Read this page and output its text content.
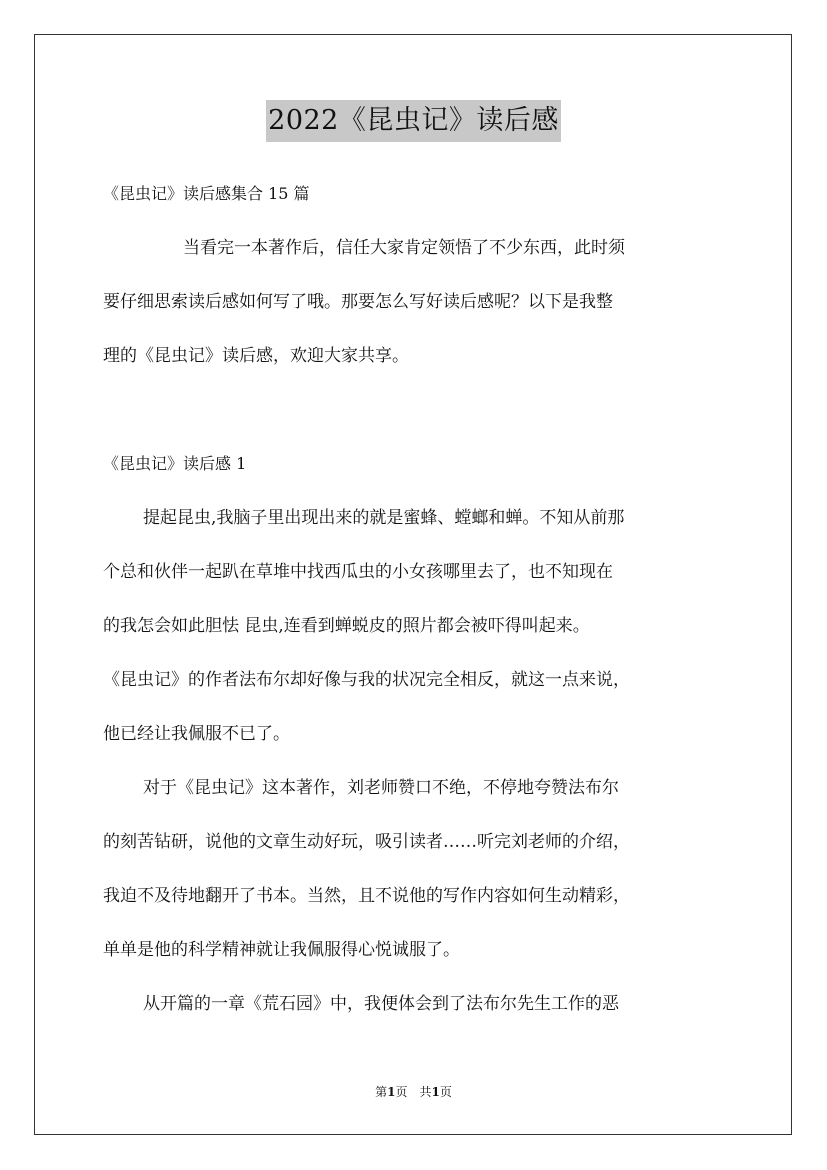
2022《昆虫记》读后感
《昆虫记》读后感集合 15 篇
当看完一本著作后，信任大家肯定领悟了不少东西，此时须
要仔细思索读后感如何写了哦。那要怎么写好读后感呢？以下是我整
理的《昆虫记》读后感，欢迎大家共享。
《昆虫记》读后感 1
提起昆虫,我脑子里出现出来的就是蜜蜂、螳螂和蝉。不知从前那
个总和伙伴一起趴在草堆中找西瓜虫的小女孩哪里去了，也不知现在
的我怎会如此胆怯 昆虫,连看到蝉蜕皮的照片都会被吓得叫起来。
《昆虫记》的作者法布尔却好像与我的状况完全相反，就这一点来说，
他已经让我佩服不已了。
对于《昆虫记》这本著作，刘老师赞口不绝，不停地夸赞法布尔
的刻苦钻研，说他的文章生动好玩，吸引读者……听完刘老师的介绍，
我迫不及待地翻开了书本。当然，且不说他的写作内容如何生动精彩，
单单是他的科学精神就让我佩服得心悦诚服了。
从开篇的一章《荒石园》中，我便体会到了法布尔先生工作的恶
第1页　共1页
